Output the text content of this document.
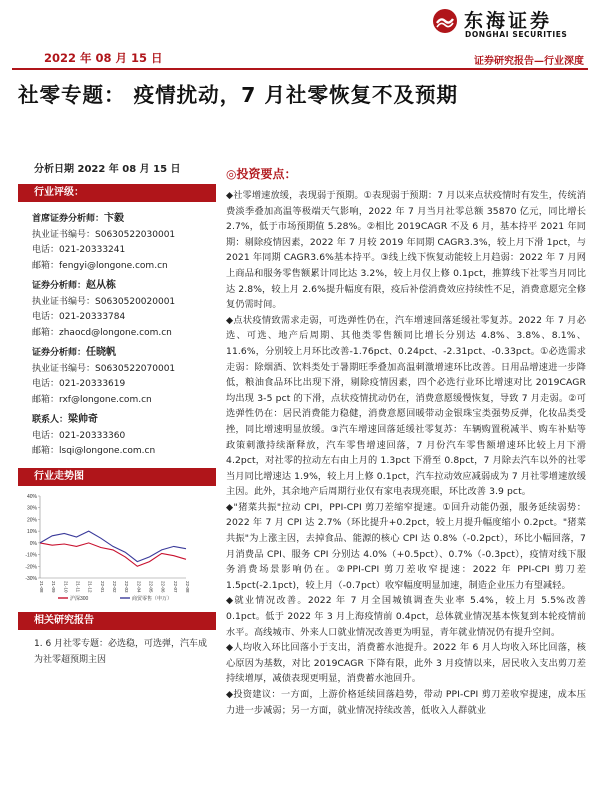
东海证券
DONGHAI SECURITIES
2022 年 08 月 15 日	证券研究报告—行业深度
社零专题： 疫情扰动，7 月社零恢复不及预期
分析日期 2022 年 08 月 15 日
行业评级：
首席证券分析师：卞毅
执业证书编号：S0630522030001
电话：021-20333241
邮箱：fengyi@longone.com.cn
证券分析师：赵从栋
执业证书编号：S0630520020001
电话：021-20333784
邮箱：zhaocd@longone.com.cn
证券分析师：任晓帆
执业证书编号：S0630522070001
电话：021-20333619
邮箱：rxf@longone.com.cn
联系人：梁帅奇
电话：021-20333360
邮箱：lsqi@longone.com.cn
行业走势图
40%
30%
20%
10%
0%
-10%
-20%
-30%
21-08 21-09 21-10 21-11 21-12 22-01 22-02 22-03 22-04 22-05 22-06 22-07 22-08
沪深300	商贸零售（申万）
相关研究报告
1. 6 月社零专题：必选稳，可选弹，汽车成为社零超预期主因
◎投资要点：
◆社零增速放缓，表现弱于预期。①表现弱于预期：7 月以来点状疫情时有发生，传统消费淡季叠加高温等极端天气影响，2022 年 7 月当月社零总额 35870 亿元，同比增长 2.7%，低于市场预期值 5.28%。②相比 2019CAGR 不及 6 月，基本持平 2021 年同期：剔除疫情因素，2022 年 7 月较 2019 年同期 CAGR3.3%，较上月下滑 1pct，与 2021 年同期 CAGR3.6%基本持平。③线上线下恢复动能较上月趋弱：2022 年 7 月网上商品和服务零售额累计同比达 3.2%，较上月仅上修 0.1pct，推算线下社零当月同比达 2.8%，较上月 2.6%提升幅度有限，疫后补偿消费效应持续性不足，消费意愿完全修复仍需时间。
◆点状疫情致需求走弱，可选弹性仍在，汽车增速回落延缓社零复苏。2022 年 7 月必选、可选、地产后周期、其他类零售额同比增长分别达 4.8%、3.8%、8.1%、11.6%，分别较上月环比改善-1.76pct、0.24pct、-2.31pct、-0.33pct。①必选需求走弱：除烟酒、饮料类处于暑期旺季叠加高温刺激增速环比改善。日用品增速进一步降低，粮油食品环比出现下滑，剔除疫情因素，四个必选行业环比增速对比 2019CAGR 均出现 3-5 pct 的下滑，点状疫情扰动仍在，消费意愿缓慢恢复，导致 7 月走弱。②可选弹性仍在：居民消费能力稳健，消费意愿回暖带动金银珠宝类强势反弹，化妆品类受挫，同比增速明显放缓。③汽车增速回落延缓社零复苏：车辆购置税减半、购车补贴等政策刺激持续渐释放，汽车零售增速回落，7 月份汽车零售额增速环比较上月下滑 4.2pct，对社零的拉动左右由上月的 1.3pct 下滑至 0.8pct，7 月除去汽车以外的社零当月同比增速达 1.9%，较上月上修 0.1pct，汽车拉动效应减弱成为 7 月社零增速放缓主因。此外，其余地产后周期行业仅有家电表现亮眼，环比改善 3.9 pct。
◆"猪菜共振"拉动 CPI，PPI-CPI 剪刀差缩窄提速。①回升动能仍强，服务延续弱势：2022 年 7 月 CPI 达 2.7%（环比提升+0.2pct，较上月提升幅度缩小 0.2pct。"猪菜共振"为上涨主因，去掉食品、能源的核心 CPI 达 0.8%（-0.2pct），环比小幅回落，7 月消费品 CPI、服务 CPI 分别达 4.0%（+0.5pct）、0.7%（-0.3pct），疫情对线下服务消费场景影响仍在。②PPI-CPI 剪刀差收窄提速：2022 年 PPI-CPI 剪刀差 1.5pct(-2.1pct)，较上月（-0.7pct）收窄幅度明显加速，制造企业压力有望减轻。
◆就业情况改善。2022 年 7 月全国城镇调查失业率 5.4%，较上月 5.5%改善 0.1pct。低于 2022 年 3 月上海疫情前 0.4pct，总体就业情况基本恢复到本轮疫情前水平。高线城市、外来人口就业情况改善更为明显，青年就业情况仍有提升空间。
◆人均收入环比回落小于支出，消费蓄水池提升。2022 年 6 月人均收入环比回落，核心原因为基数，对比 2019CAGR 下降有限，此外 3 月疫情以来，居民收入支出剪刀差持续增厚，减债表现更明显，消费蓄水池回升。
◆投资建议：一方面，上游价格延续回落趋势，带动 PPI-CPI 剪刀差收窄提速，成本压力进一步减弱；另一方面，就业情况持续改善，低收入人群就业
